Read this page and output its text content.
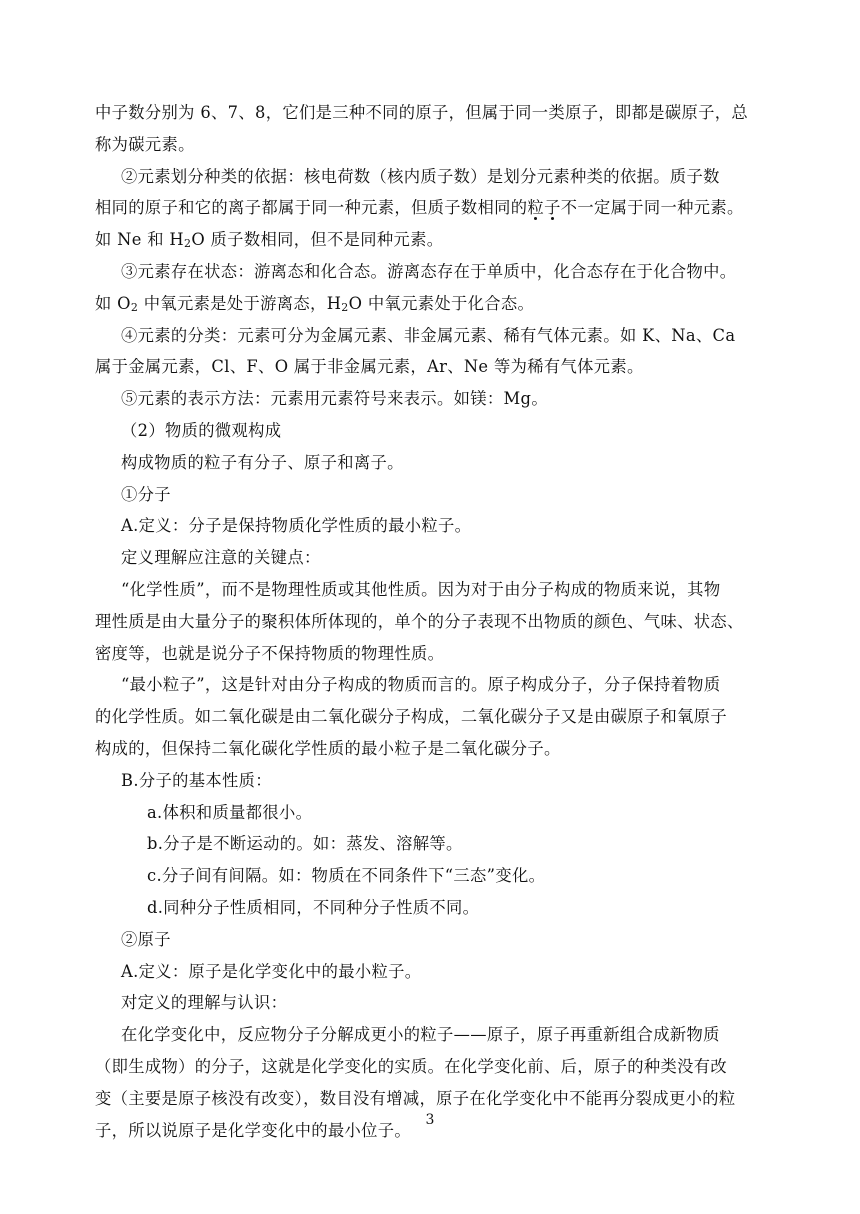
中子数分别为 6、7、8，它们是三种不同的原子，但属于同一类原子，即都是碳原子，总
称为碳元素。
②元素划分种类的依据：核电荷数（核内质子数）是划分元素种类的依据。质子数
相同的原子和它的离子都属于同一种元素，但质子数相同的粒子不一定属于同一种元素。
如 Ne 和 $H_2O$ 质子数相同，但不是同种元素。
③元素存在状态：游离态和化合态。游离态存在于单质中，化合态存在于化合物中。
如 $O_2$ 中氧元素是处于游离态，$H_2O$ 中氧元素处于化合态。
④元素的分类：元素可分为金属元素、非金属元素、稀有气体元素。如 K、Na、Ca
属于金属元素，Cl、F、O 属于非金属元素，Ar、Ne 等为稀有气体元素。
⑤元素的表示方法：元素用元素符号来表示。如镁：Mg。
（2）物质的微观构成
构成物质的粒子有分子、原子和离子。
①分子
A.定义：分子是保持物质化学性质的最小粒子。
定义理解应注意的关键点：
“化学性质”，而不是物理性质或其他性质。因为对于由分子构成的物质来说，其物
理性质是由大量分子的聚积体所体现的，单个的分子表现不出物质的颜色、气味、状态、
密度等，也就是说分子不保持物质的物理性质。
“最小粒子”，这是针对由分子构成的物质而言的。原子构成分子，分子保持着物质
的化学性质。如二氧化碳是由二氧化碳分子构成，二氧化碳分子又是由碳原子和氧原子
构成的，但保持二氧化碳化学性质的最小粒子是二氧化碳分子。
B.分子的基本性质：
a.体积和质量都很小。
b.分子是不断运动的。如：蒸发、溶解等。
c.分子间有间隔。如：物质在不同条件下“三态”变化。
d.同种分子性质相同，不同种分子性质不同。
②原子
A.定义：原子是化学变化中的最小粒子。
对定义的理解与认识：
在化学变化中，反应物分子分解成更小的粒子——原子，原子再重新组合成新物质
（即生成物）的分子，这就是化学变化的实质。在化学变化前、后，原子的种类没有改
变（主要是原子核没有改变），数目没有增减，原子在化学变化中不能再分裂成更小的粒
子，所以说原子是化学变化中的最小位子。
3
